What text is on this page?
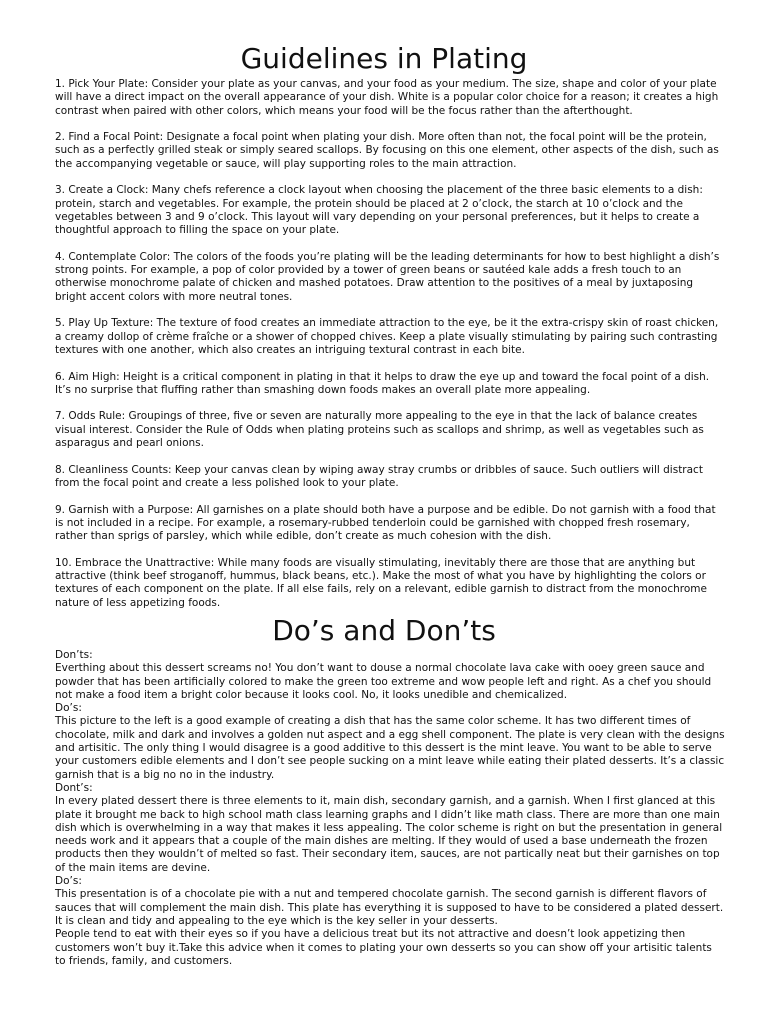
Guidelines in Plating

1. Pick Your Plate: Consider your plate as your canvas, and your food as your medium. The size, shape and color of your plate will have a direct impact on the overall appearance of your dish. White is a popular color choice for a reason; it creates a high contrast when paired with other colors, which means your food will be the focus rather than the afterthought.

2. Find a Focal Point: Designate a focal point when plating your dish. More often than not, the focal point will be the protein, such as a perfectly grilled steak or simply seared scallops. By focusing on this one element, other aspects of the dish, such as the accompanying vegetable or sauce, will play supporting roles to the main attraction.

3. Create a Clock: Many chefs reference a clock layout when choosing the placement of the three basic elements to a dish: protein, starch and vegetables. For example, the protein should be placed at 2 o’clock, the starch at 10 o’clock and the vegetables between 3 and 9 o’clock. This layout will vary depending on your personal preferences, but it helps to create a thoughtful approach to filling the space on your plate.

4. Contemplate Color: The colors of the foods you’re plating will be the leading determinants for how to best highlight a dish’s strong points. For example, a pop of color provided by a tower of green beans or sautéed kale adds a fresh touch to an otherwise monochrome palate of chicken and mashed potatoes. Draw attention to the positives of a meal by juxtaposing bright accent colors with more neutral tones.

5. Play Up Texture: The texture of food creates an immediate attraction to the eye, be it the extra-crispy skin of roast chicken, a creamy dollop of crème fraîche or a shower of chopped chives. Keep a plate visually stimulating by pairing such contrasting textures with one another, which also creates an intriguing textural contrast in each bite.

6. Aim High: Height is a critical component in plating in that it helps to draw the eye up and toward the focal point of a dish. It’s no surprise that fluffing rather than smashing down foods makes an overall plate more appealing.

7. Odds Rule: Groupings of three, five or seven are naturally more appealing to the eye in that the lack of balance creates visual interest. Consider the Rule of Odds when plating proteins such as scallops and shrimp, as well as vegetables such as asparagus and pearl onions.

8. Cleanliness Counts: Keep your canvas clean by wiping away stray crumbs or dribbles of sauce. Such outliers will distract from the focal point and create a less polished look to your plate.

9. Garnish with a Purpose: All garnishes on a plate should both have a purpose and be edible. Do not garnish with a food that is not included in a recipe. For example, a rosemary-rubbed tenderloin could be garnished with chopped fresh rosemary, rather than sprigs of parsley, which while edible, don’t create as much cohesion with the dish.

10. Embrace the Unattractive: While many foods are visually stimulating, inevitably there are those that are anything but attractive (think beef stroganoff, hummus, black beans, etc.). Make the most of what you have by highlighting the colors or textures of each component on the plate. If all else fails, rely on a relevant, edible garnish to distract from the monochrome nature of less appetizing foods.

Do’s and Don’ts

Don’ts:

Everthing about this dessert screams no! You don’t want to douse a normal chocolate lava cake with ooey green sauce and powder that has been artificially colored to make the green too extreme and wow people left and right. As a chef you should not make a food item a bright color because it looks cool. No, it looks unedible and chemicalized.

Do’s:

This picture to the left is a good example of creating a dish that has the same color scheme. It has two different times of chocolate, milk and dark and involves a golden nut aspect and a egg shell component. The plate is very clean with the designs and artisitic. The only thing I would disagree is a good additive to this dessert is the mint leave. You want to be able to serve your customers edible elements and I don’t see people sucking on a mint leave while eating their plated desserts. It’s a classic garnish that is a big no no in the industry.

Dont’s:

In every plated dessert there is three elements to it, main dish, secondary garnish, and a garnish. When I first glanced at this plate it brought me back to high school math class learning graphs and I didn’t like math class. There are more than one main dish which is overwhelming in a way that makes it less appealing. The color scheme is right on but the presentation in general needs work and it appears that a couple of the main dishes are melting. If they would of used a base underneath the frozen products then they wouldn’t of melted so fast. Their secondary item, sauces, are not partically neat but their garnishes on top of the main items are devine.

Do’s:

This presentation is of a chocolate pie with a nut and tempered chocolate garnish. The second garnish is different flavors of sauces that will complement the main dish. This plate has everything it is supposed to have to be considered a plated dessert. It is clean and tidy and appealing to the eye which is the key seller in your desserts.

People tend to eat with their eyes so if you have a delicious treat but its not attractive and doesn’t look appetizing then customers won’t buy it.Take this advice when it comes to plating your own desserts so you can show off your artisitic talents to friends, family, and customers.
